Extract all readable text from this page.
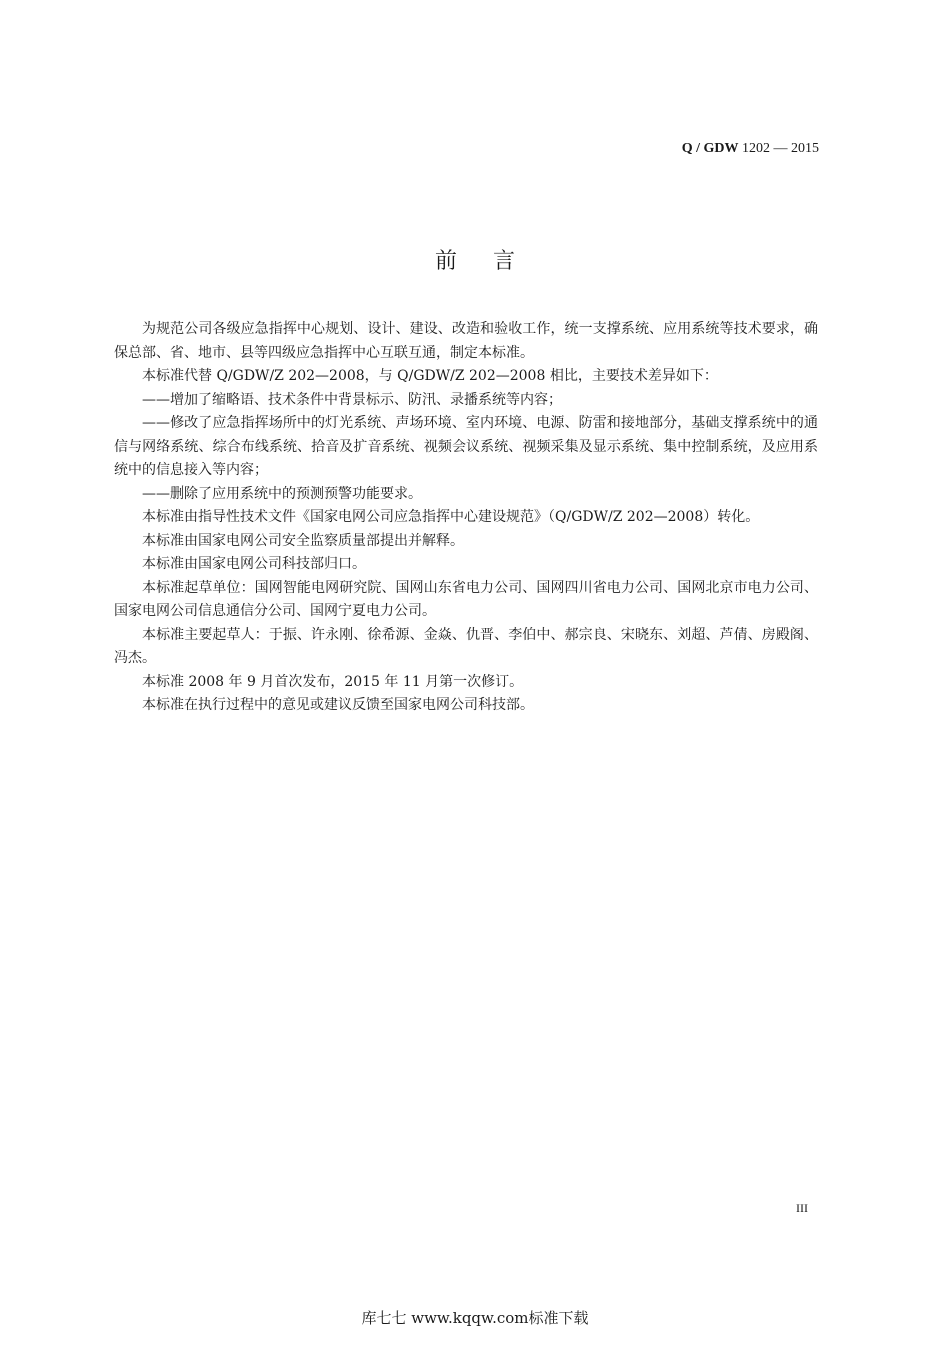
Q / GDW 1202 — 2015
前言

为规范公司各级应急指挥中心规划、设计、建设、改造和验收工作，统一支撑系统、应用系统等技术要求，确保总部、省、地市、县等四级应急指挥中心互联互通，制定本标准。

本标准代替 Q/GDW/Z 202—2008，与 Q/GDW/Z 202—2008 相比，主要技术差异如下：

——增加了缩略语、技术条件中背景标示、防汛、录播系统等内容；

——修改了应急指挥场所中的灯光系统、声场环境、室内环境、电源、防雷和接地部分，基础支撑系统中的通信与网络系统、综合布线系统、拾音及扩音系统、视频会议系统、视频采集及显示系统、集中控制系统，及应用系统中的信息接入等内容；

——删除了应用系统中的预测预警功能要求。

本标准由指导性技术文件《国家电网公司应急指挥中心建设规范》（Q/GDW/Z 202—2008）转化。

本标准由国家电网公司安全监察质量部提出并解释。

本标准由国家电网公司科技部归口。

本标准起草单位：国网智能电网研究院、国网山东省电力公司、国网四川省电力公司、国网北京市电力公司、国家电网公司信息通信分公司、国网宁夏电力公司。

本标准主要起草人：于振、许永刚、徐希源、金焱、仇晋、李伯中、郝宗良、宋晓东、刘超、芦倩、房殿阁、冯杰。

本标准 2008 年 9 月首次发布，2015 年 11 月第一次修订。

本标准在执行过程中的意见或建议反馈至国家电网公司科技部。

III
库七七 www.kqqw.com标准下载
